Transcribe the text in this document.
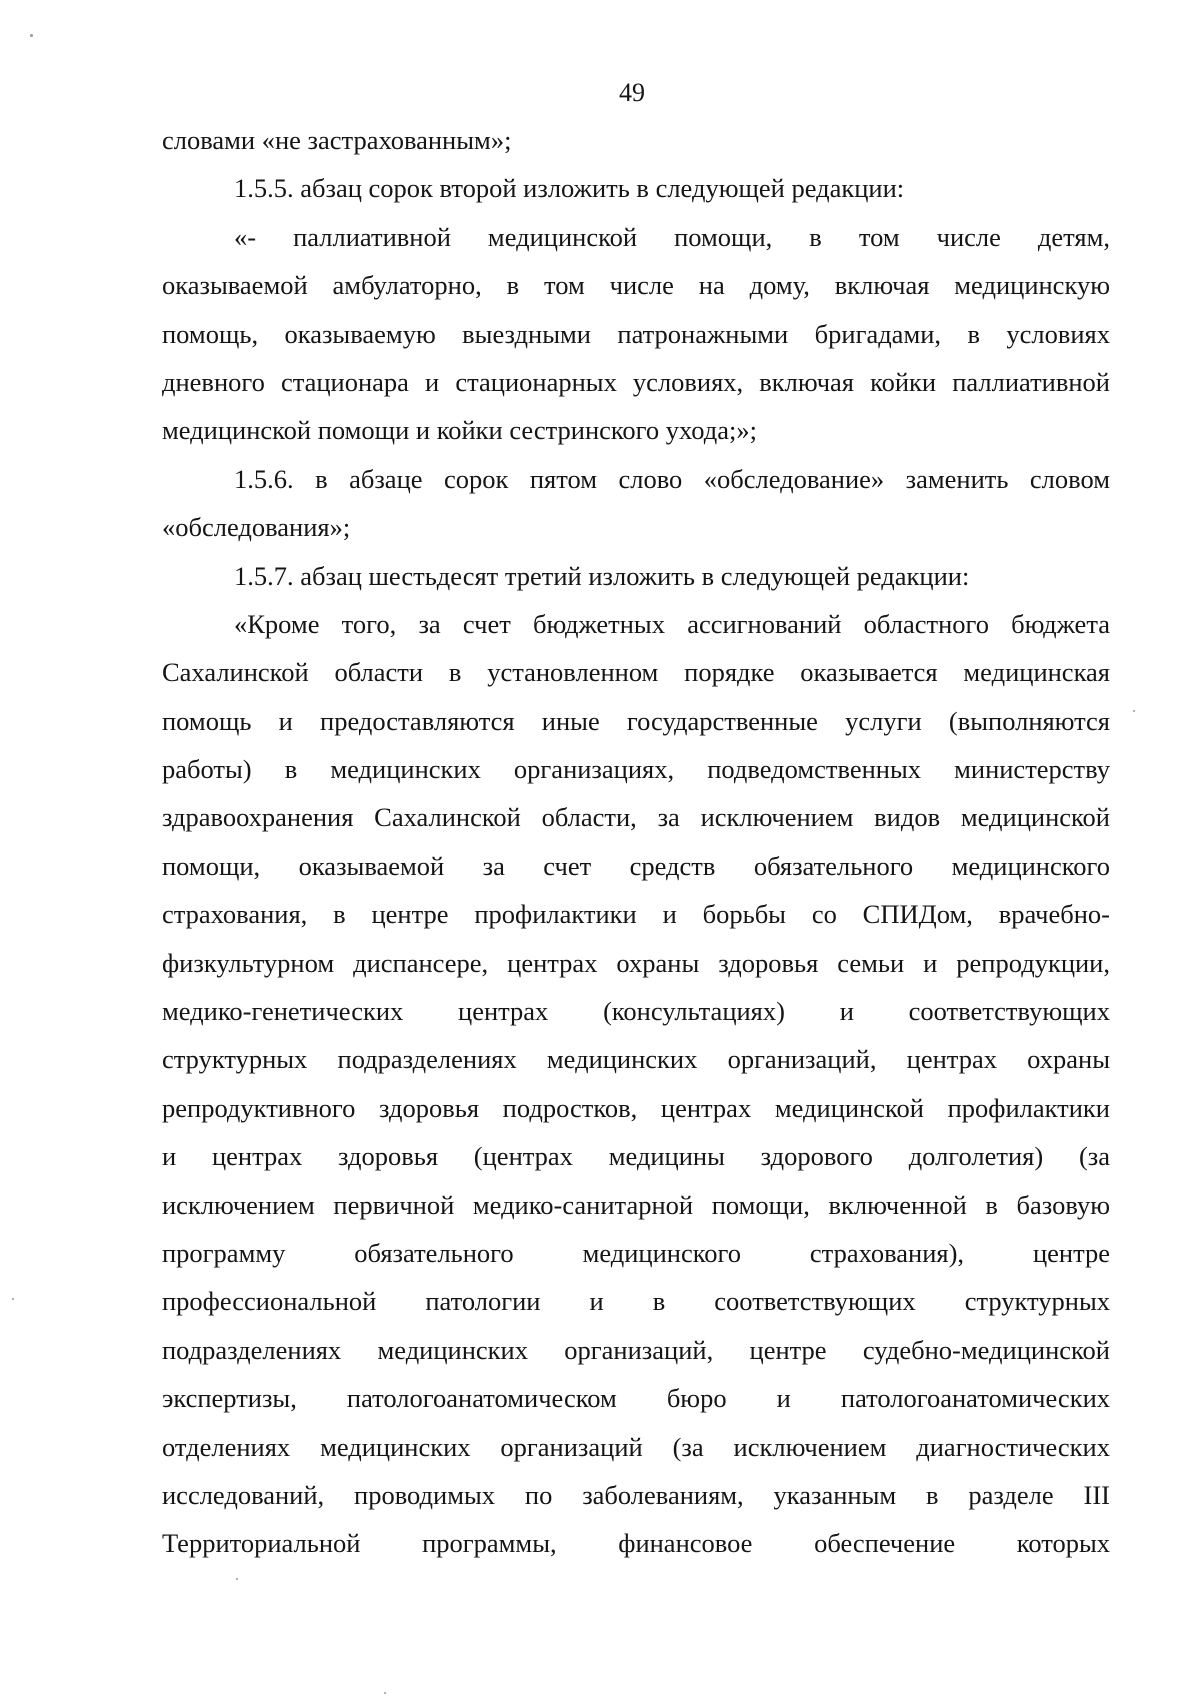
49
словами «не застрахованным»;
1.5.5. абзац сорок второй изложить в следующей редакции:
«- паллиативной медицинской помощи, в том числе детям,
оказываемой амбулаторно, в том числе на дому, включая медицинскую
помощь, оказываемую выездными патронажными бригадами, в условиях
дневного стационара и стационарных условиях, включая койки паллиативной
медицинской помощи и койки сестринского ухода;»;
1.5.6. в абзаце сорок пятом слово «обследование» заменить словом
«обследования»;
1.5.7. абзац шестьдесят третий изложить в следующей редакции:
«Кроме того, за счет бюджетных ассигнований областного бюджета
Сахалинской области в установленном порядке оказывается медицинская
помощь и предоставляются иные государственные услуги (выполняются
работы) в медицинских организациях, подведомственных министерству
здравоохранения Сахалинской области, за исключением видов медицинской
помощи, оказываемой за счет средств обязательного медицинского
страхования, в центре профилактики и борьбы со СПИДом, врачебно-
физкультурном диспансере, центрах охраны здоровья семьи и репродукции,
медико-генетических центрах (консультациях) и соответствующих
структурных подразделениях медицинских организаций, центрах охраны
репродуктивного здоровья подростков, центрах медицинской профилактики
и центрах здоровья (центрах медицины здорового долголетия) (за
исключением первичной медико-санитарной помощи, включенной в базовую
программу обязательного медицинского страхования), центре
профессиональной патологии и в соответствующих структурных
подразделениях медицинских организаций, центре судебно-медицинской
экспертизы, патологоанатомическом бюро и патологоанатомических
отделениях медицинских организаций (за исключением диагностических
исследований, проводимых по заболеваниям, указанным в разделе III
Территориальной программы, финансовое обеспечение которых
